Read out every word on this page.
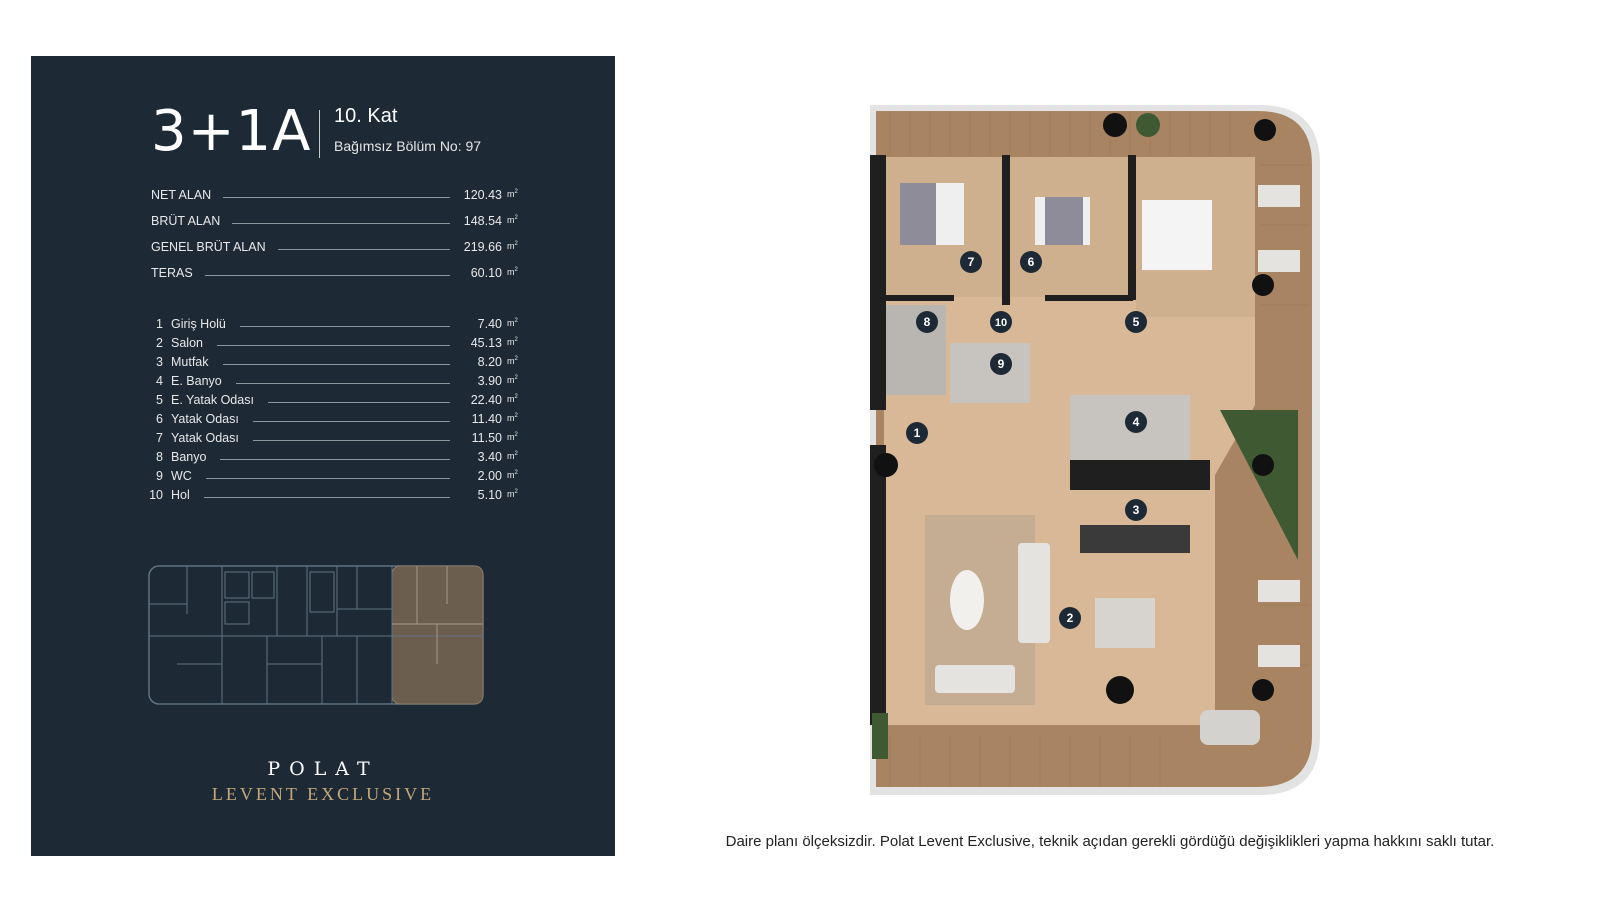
3+1A 10. Kat
Bağımsız Bölüm No: 97
NET ALAN	120.43 $m^2$
BRÜT ALAN	148.54 $m^2$
GENEL BRÜT ALAN	219.66 $m^2$
TERAS	60.10 $m^2$
1 Giriş Holü	7.40 $m^2$
2 Salon	45.13 $m^2$
3 Mutfak	8.20 $m^2$
4 E. Banyo	3.90 $m^2$
5 E. Yatak Odası	22.40 $m^2$
6 Yatak Odası	11.40 $m^2$
7 Yatak Odası	11.50 $m^2$
8 Banyo	3.40 $m^2$
9 WC	2.00 $m^2$
10 Hol	5.10 $m^2$
POLAT
LEVENT EXCLUSIVE
1
2
3
4
5
6
7
8
9
10
Daire planı ölçeksizdir. Polat Levent Exclusive, teknik açıdan gerekli gördüğü değişiklikleri yapma hakkını saklı tutar.
